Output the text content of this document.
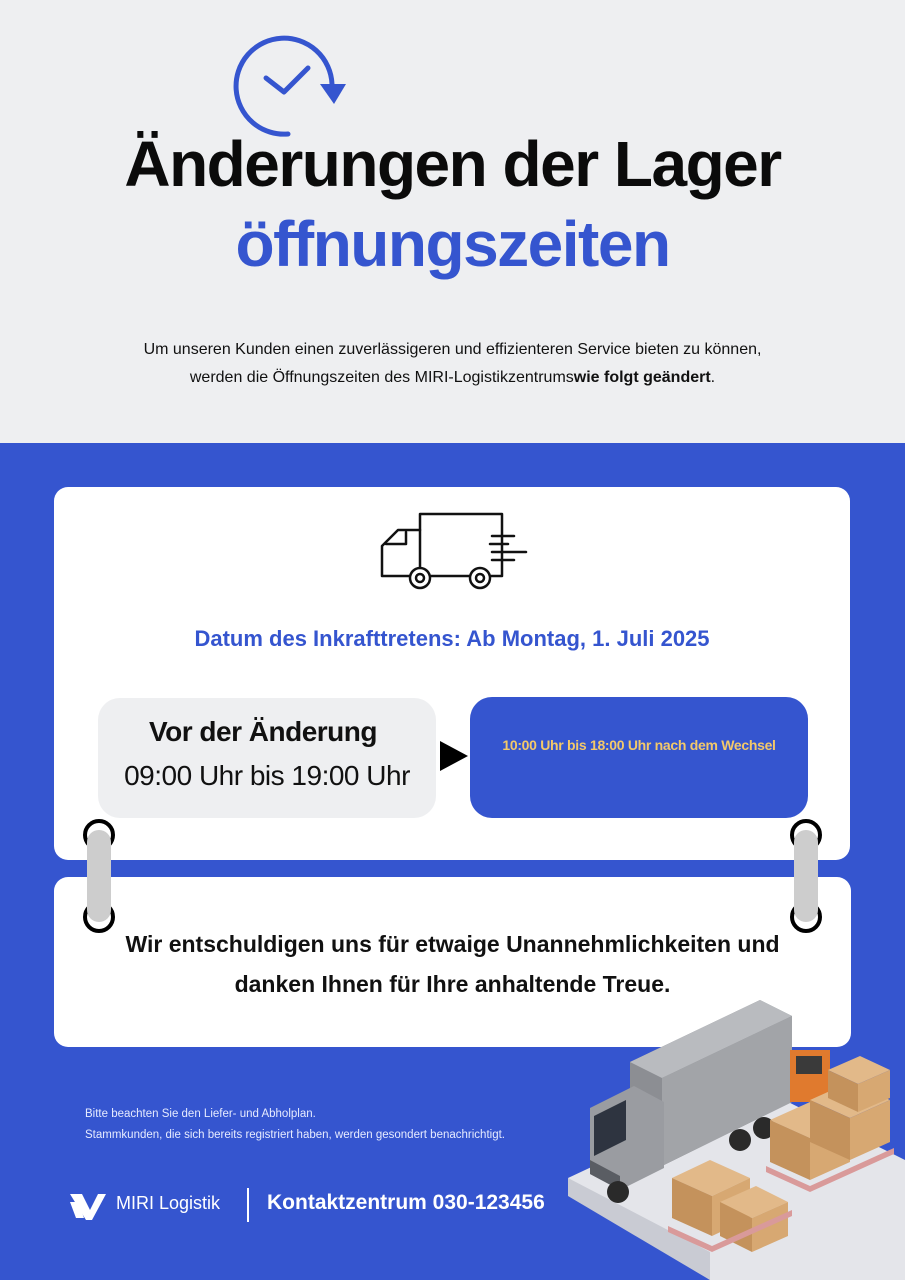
Änderungen der Lager
öffnungszeiten
Um unseren Kunden einen zuverlässigeren und effizienteren Service bieten zu können,
werden die Öffnungszeiten des MIRI-Logistikzentrumswie folgt geändert.
Datum des Inkrafttretens: Ab Montag, 1. Juli 2025
Vor der Änderung
09:00 Uhr bis 19:00 Uhr
10:00 Uhr bis 18:00 Uhr nach dem Wechsel
Wir entschuldigen uns für etwaige Unannehmlichkeiten und
danken Ihnen für Ihre anhaltende Treue.
Bitte beachten Sie den Liefer- und Abholplan.
Stammkunden, die sich bereits registriert haben, werden gesondert benachrichtigt.
MIRI Logistik Kontaktzentrum 030-123456
